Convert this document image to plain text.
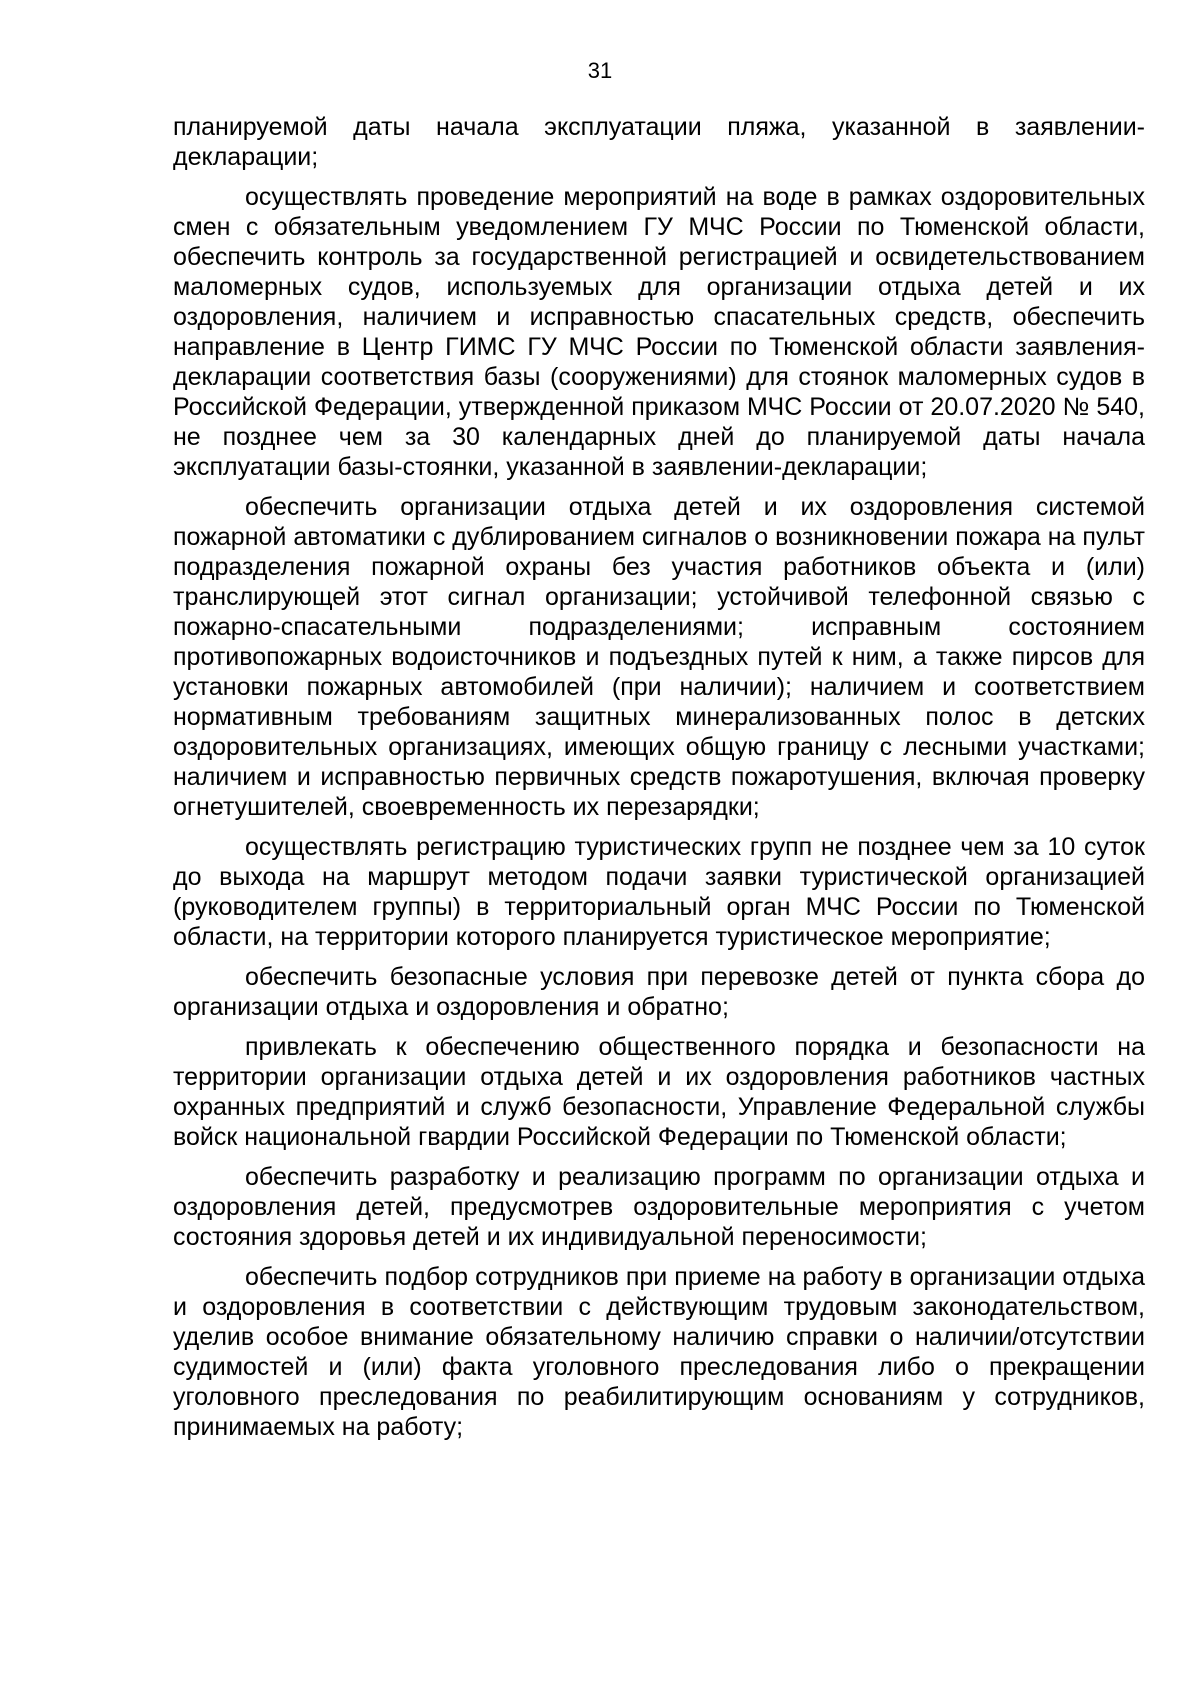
31

планируемой даты начала эксплуатации пляжа, указанной в заявлении-декларации;

осуществлять проведение мероприятий на воде в рамках оздоровительных смен с обязательным уведомлением ГУ МЧС России по Тюменской области, обеспечить контроль за государственной регистрацией и освидетельствованием маломерных судов, используемых для организации отдыха детей и их оздоровления, наличием и исправностью спасательных средств, обеспечить направление в Центр ГИМС ГУ МЧС России по Тюменской области заявления-декларации соответствия базы (сооружениями) для стоянок маломерных судов в Российской Федерации, утвержденной приказом МЧС России от 20.07.2020 № 540, не позднее чем за 30 календарных дней до планируемой даты начала эксплуатации базы-стоянки, указанной в заявлении-декларации;

обеспечить организации отдыха детей и их оздоровления системой пожарной автоматики с дублированием сигналов о возникновении пожара на пульт подразделения пожарной охраны без участия работников объекта и (или) транслирующей этот сигнал организации; устойчивой телефонной связью с пожарно-спасательными подразделениями; исправным состоянием противопожарных водоисточников и подъездных путей к ним, а также пирсов для установки пожарных автомобилей (при наличии); наличием и соответствием нормативным требованиям защитных минерализованных полос в детских оздоровительных организациях, имеющих общую границу с лесными участками; наличием и исправностью первичных средств пожаротушения, включая проверку огнетушителей, своевременность их перезарядки;

осуществлять регистрацию туристических групп не позднее чем за 10 суток до выхода на маршрут методом подачи заявки туристической организацией (руководителем группы) в территориальный орган МЧС России по Тюменской области, на территории которого планируется туристическое мероприятие;

обеспечить безопасные условия при перевозке детей от пункта сбора до организации отдыха и оздоровления и обратно;

привлекать к обеспечению общественного порядка и безопасности на территории организации отдыха детей и их оздоровления работников частных охранных предприятий и служб безопасности, Управление Федеральной службы войск национальной гвардии Российской Федерации по Тюменской области;

обеспечить разработку и реализацию программ по организации отдыха и оздоровления детей, предусмотрев оздоровительные мероприятия с учетом состояния здоровья детей и их индивидуальной переносимости;

обеспечить подбор сотрудников при приеме на работу в организации отдыха и оздоровления в соответствии с действующим трудовым законодательством, уделив особое внимание обязательному наличию справки о наличии/отсутствии судимостей и (или) факта уголовного преследования либо о прекращении уголовного преследования по реабилитирующим основаниям у сотрудников, принимаемых на работу;
